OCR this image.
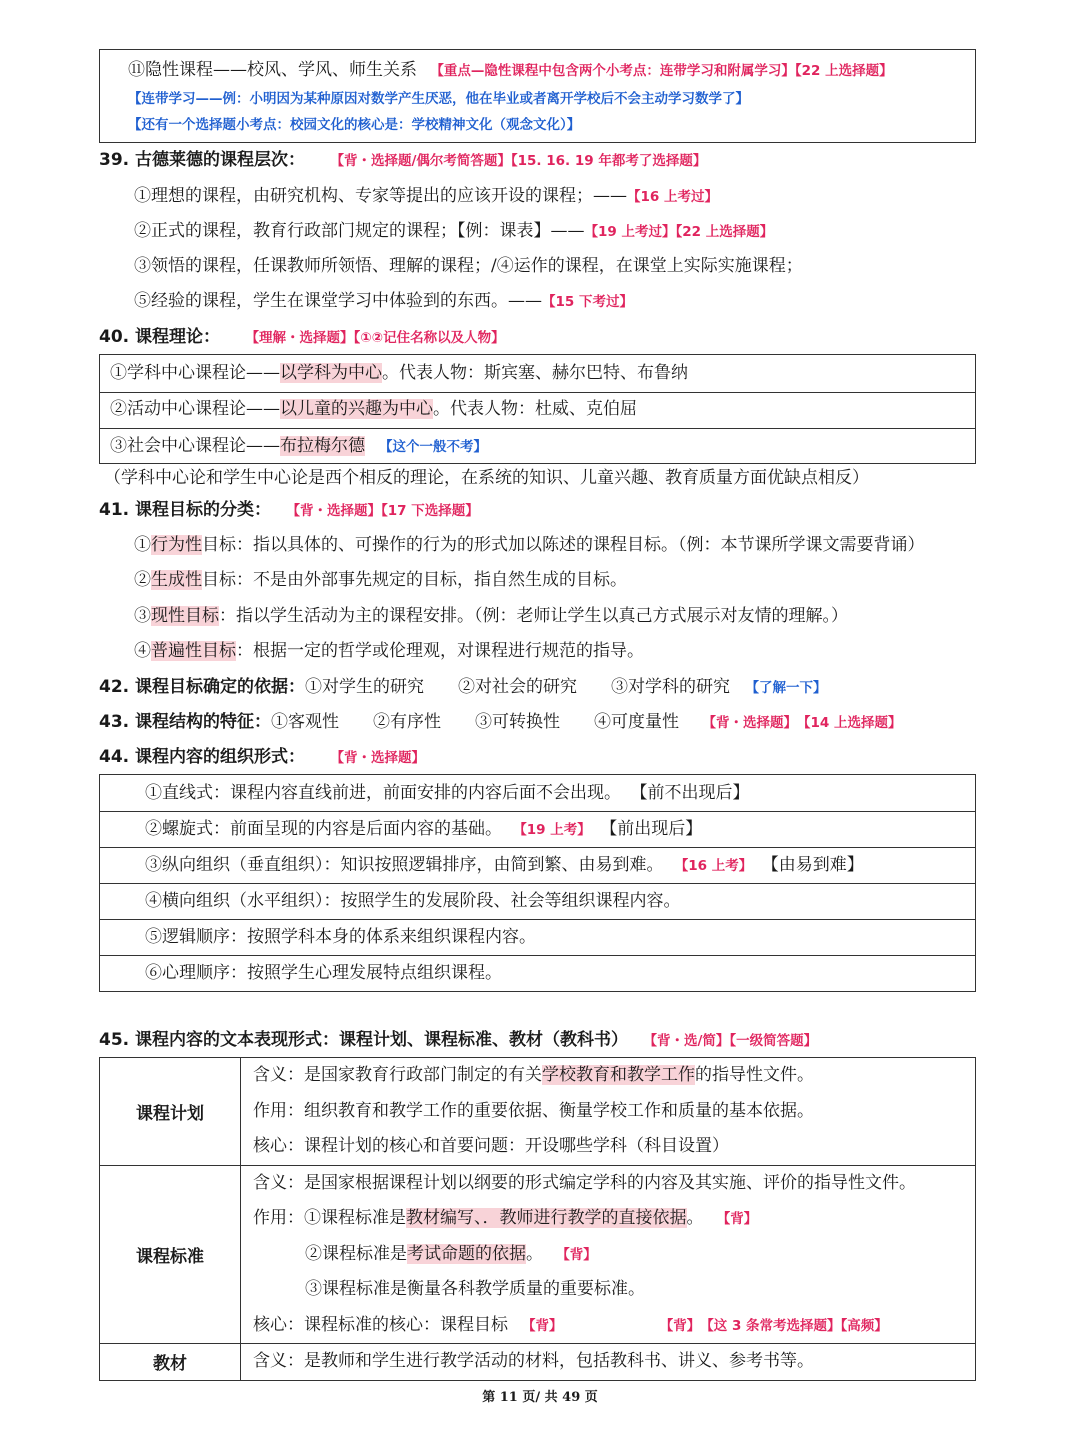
⑪隐性课程——校风、学风、师生关系 【重点—隐性课程中包含两个小考点：连带学习和附属学习】【22 上选择题】
【连带学习——例：小明因为某种原因对数学产生厌恶，他在毕业或者离开学校后不会主动学习数学了】
【还有一个选择题小考点：校园文化的核心是：学校精神文化（观念文化）】
39. 古德莱德的课程层次： 【背・选择题/偶尔考简答题】【15. 16. 19 年都考了选择题】
①理想的课程，由研究机构、专家等提出的应该开设的课程；——【16 上考过】
②正式的课程，教育行政部门规定的课程；【例：课表】——【19 上考过】【22 上选择题】
③领悟的课程，任课教师所领悟、理解的课程；/④运作的课程，在课堂上实际实施课程；
⑤经验的课程，学生在课堂学习中体验到的东西。——【15 下考过】
40. 课程理论： 【理解・选择题】【①②记住名称以及人物】
①学科中心课程论——以学科为中心。代表人物：斯宾塞、赫尔巴特、布鲁纳
②活动中心课程论——以儿童的兴趣为中心。代表人物：杜威、克伯屈
③社会中心课程论——布拉梅尔德 【这个一般不考】
（学科中心论和学生中心论是西个相反的理论，在系统的知识、儿童兴趣、教育质量方面优缺点相反）
41. 课程目标的分类： 【背・选择题】【17 下选择题】
①行为性目标：指以具体的、可操作的行为的形式加以陈述的课程目标。（例：本节课所学课文需要背诵）
②生成性目标：不是由外部事先规定的目标，指自然生成的目标。
③现性目标：指以学生活动为主的课程安排。（例：老师让学生以真己方式展示对友情的理解。）
④普遍性目标：根据一定的哲学或伦理观，对课程进行规范的指导。
42. 课程目标确定的依据：①对学生的研究　　②对社会的研究　　③对学科的研究 【了解一下】
43. 课程结构的特征：①客观性　　②有序性　　③可转换性　　④可度量性 【背・选择题】　【14 上选择题】
44. 课程内容的组织形式： 【背・选择题】
①直线式：课程内容直线前进，前面安排的内容后面不会出现。 【前不出现后】
②螺旋式：前面呈现的内容是后面内容的基础。 【19 上考】 【前出现后】
③纵向组织（垂直组织）：知识按照逻辑排序，由简到繁、由易到难。 【16 上考】 【由易到难】
④横向组织（水平组织）：按照学生的发展阶段、社会等组织课程内容。
⑤逻辑顺序：按照学科本身的体系来组织课程内容。
⑥心理顺序：按照学生心理发展特点组织课程。
45. 课程内容的文本表现形式：课程计划、课程标准、教材（教科书） 【背・选/简】【一级简答题】
课程计划	含义：是国家教育行政部门制定的有关学校教育和教学工作的指导性文件。
作用：组织教育和教学工作的重要依据、衡量学校工作和质量的基本依据。
核心：课程计划的核心和首要问题：开设哪些学科（科目设置）

课程标准	含义：是国家根据课程计划以纲要的形式编定学科的内容及其实施、评价的指导性文件。
作用：①课程标准是教材编写、．教师进行教学的直接依据。 【背】
②课程标准是考试命题的依据。 【背】
③课程标准是衡量各科教学质量的重要标准。
核心：课程标准的核心：课程目标 【背】 【背】　【这 3 条常考选择题】【高频】

教材	含义：是教师和学生进行教学活动的材料，包括教科书、讲义、参考书等。
第 11 页/ 共 49 页
